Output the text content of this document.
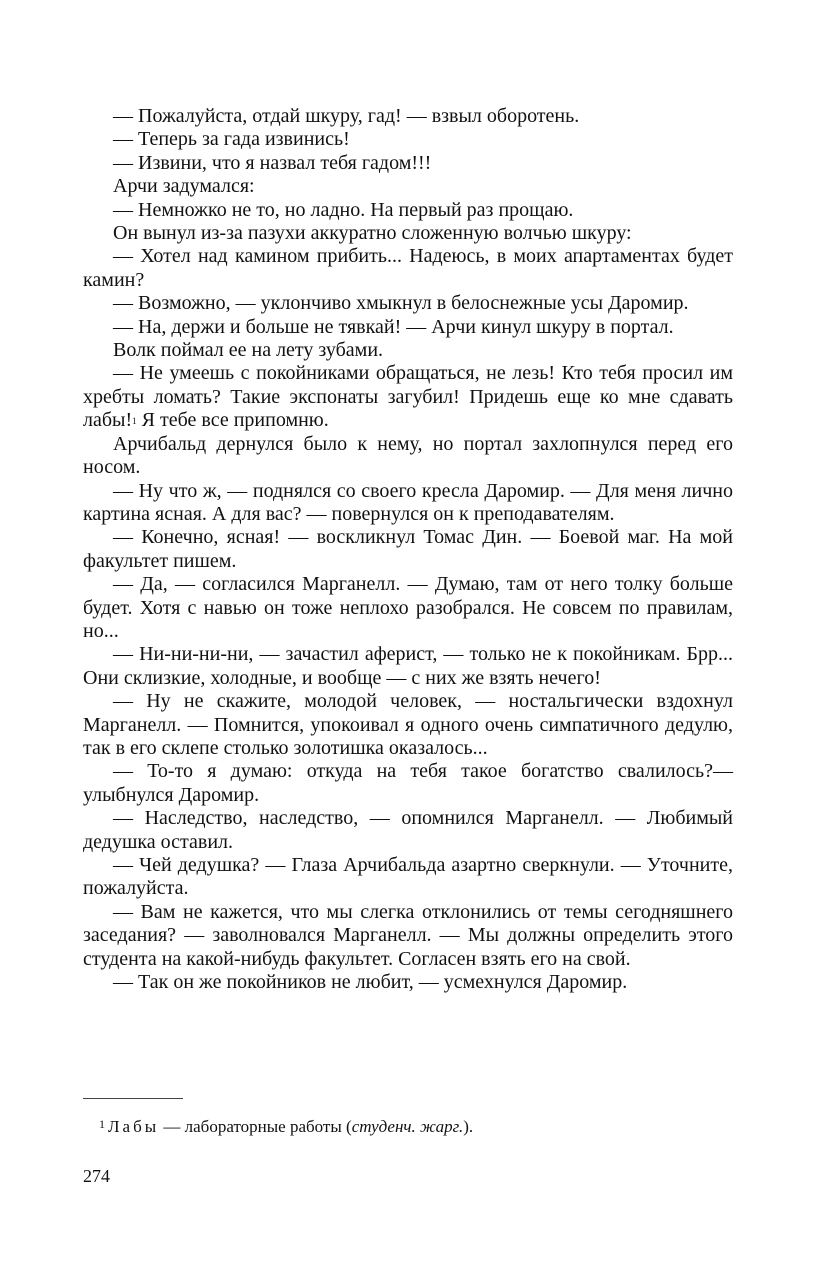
— Пожалуйста, отдай шкуру, гад! — взвыл оборотень.

— Теперь за гада извинись!

— Извини, что я назвал тебя гадом!!!

Арчи задумался:

— Немножко не то, но ладно. На первый раз прощаю.

Он вынул из-за пазухи аккуратно сложенную волчью шкуру:

— Хотел над камином прибить... Надеюсь, в моих апартаментах будет камин?

— Возможно, — уклончиво хмыкнул в белоснежные усы Даромир.

— На, держи и больше не тявкай! — Арчи кинул шкуру в портал.

Волк поймал ее на лету зубами.

— Не умеешь с покойниками обращаться, не лезь! Кто тебя просил им хребты ломать? Такие экспонаты загубил! Придешь еще ко мне сдавать лабы!$^1$ Я тебе все припомню.

Арчибальд дернулся было к нему, но портал захлопнулся перед его носом.

— Ну что ж, — поднялся со своего кресла Даромир. — Для меня лично картина ясная. А для вас? — повернулся он к преподавателям.

— Конечно, ясная! — воскликнул Томас Дин. — Боевой маг. На мой факультет пишем.

— Да, — согласился Марганелл. — Думаю, там от него толку больше будет. Хотя с навью он тоже неплохо разобрался. Не совсем по правилам, но...

— Ни-ни-ни-ни, — зачастил аферист, — только не к покойникам. Брр... Они склизкие, холодные, и вообще — с них же взять нечего!

— Ну не скажите, молодой человек, — ностальгически вздохнул Марганелл. — Помнится, упокоивал я одного очень симпатичного дедулю, так в его склепе столько золотишка оказалось...

— То-то я думаю: откуда на тебя такое богатство свалилось?— улыбнулся Даромир.

— Наследство, наследство, — опомнился Марганелл. — Любимый дедушка оставил.

— Чей дедушка? — Глаза Арчибальда азартно сверкнули. — Уточните, пожалуйста.

— Вам не кажется, что мы слегка отклонились от темы сегодняшнего заседания? — заволновался Марганелл. — Мы должны определить этого студента на какой-нибудь факультет. Согласен взять его на свой.

— Так он же покойников не любит, — усмехнулся Даромир.

$^1$ Лабы — лабораторные работы (студенч. жарг.).
274
